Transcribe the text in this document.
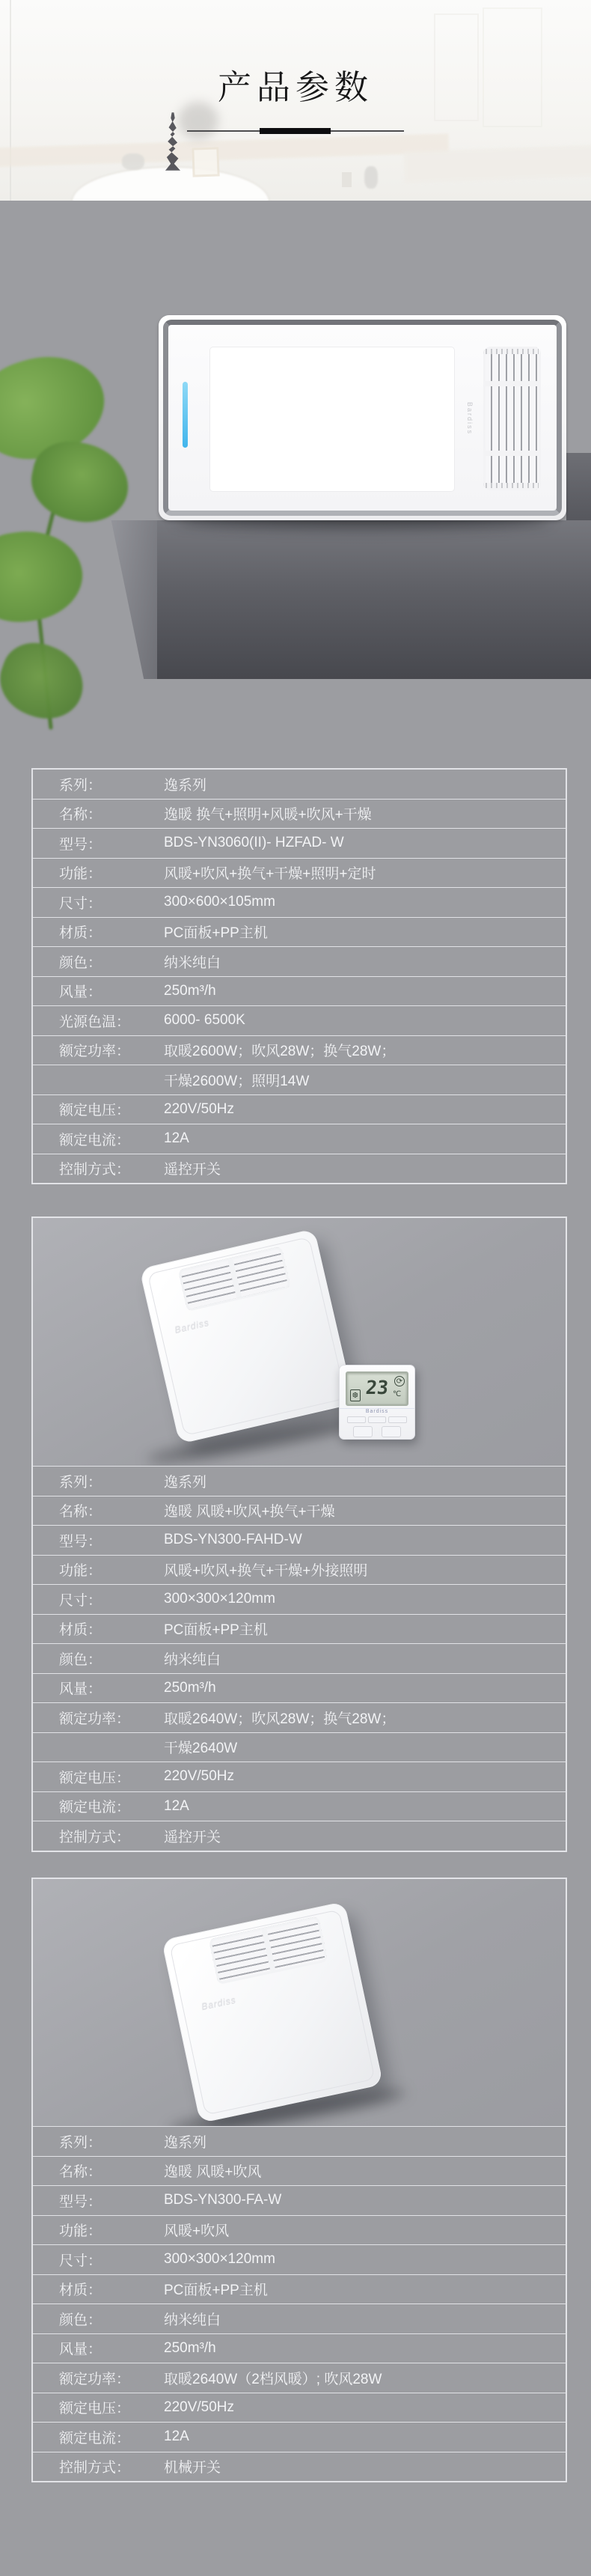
产品参数
Bardiss
系列：	逸系列
名称：	逸暖 换气+照明+风暖+吹风+干燥
型号：	BDS-YN3060(II)- HZFAD- W
功能：	风暖+吹风+换气+干燥+照明+定时
尺寸：	300×600×105mm
材质：	PC面板+PP主机
颜色：	纳米纯白
风量：	250m³/h
光源色温：	6000- 6500K
额定功率：	取暖2600W；吹风28W；换气28W；
干燥2600W；照明14W
额定电压：	220V/50Hz
额定电流：	12A
控制方式：	遥控开关
Bardiss
❆ 23 ℃
⟳
Bardiss
系列：	逸系列
名称：	逸暖 风暖+吹风+换气+干燥
型号：	BDS-YN300-FAHD-W
功能：	风暖+吹风+换气+干燥+外接照明
尺寸：	300×300×120mm
材质：	PC面板+PP主机
颜色：	纳米纯白
风量：	250m³/h
额定功率：	取暖2640W；吹风28W；换气28W；
干燥2640W
额定电压：	220V/50Hz
额定电流：	12A
控制方式：	遥控开关
Bardiss
系列：	逸系列
名称：	逸暖 风暖+吹风
型号：	BDS-YN300-FA-W
功能：	风暖+吹风
尺寸：	300×300×120mm
材质：	PC面板+PP主机
颜色：	纳米纯白
风量：	250m³/h
额定功率：	取暖2640W（2档风暖）; 吹风28W
额定电压：	220V/50Hz
额定电流：	12A
控制方式：	机械开关
